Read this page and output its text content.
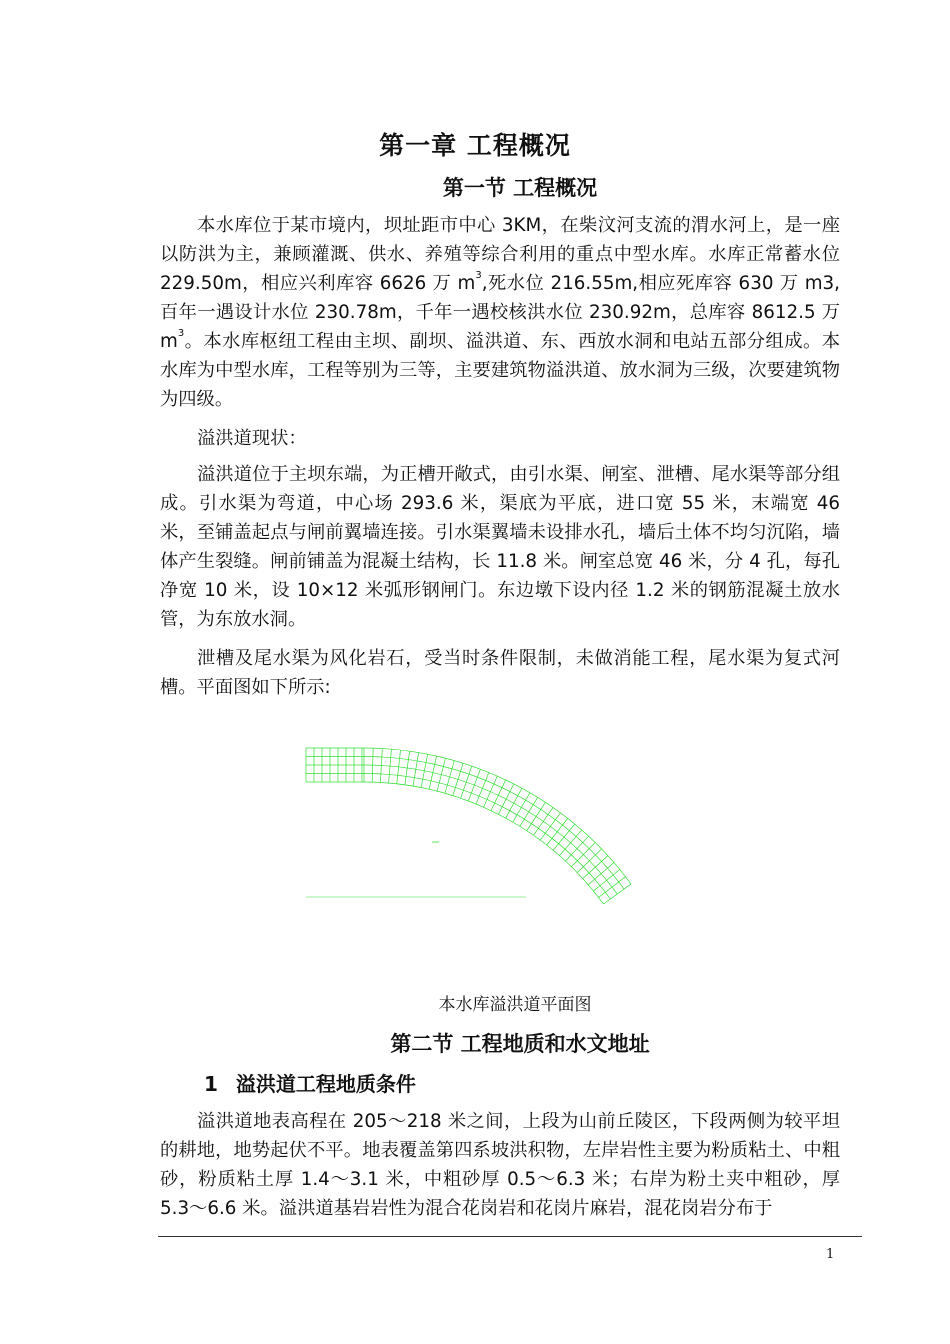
第一章 工程概况
第一节 工程概况

本水库位于某市境内，坝址距市中心 3KM，在柴汶河支流的渭水河上，是一座以防洪为主，兼顾灌溉、供水、养殖等综合利用的重点中型水库。水库正常蓄水位 229.50m，相应兴利库容 6626 万 $m^3$,死水位 216.55m,相应死库容 630 万 m3,百年一遇设计水位 230.78m，千年一遇校核洪水位 230.92m，总库容 8612.5 万 $m^3$。本水库枢纽工程由主坝、副坝、溢洪道、东、西放水洞和电站五部分组成。本水库为中型水库，工程等别为三等，主要建筑物溢洪道、放水洞为三级，次要建筑物为四级。

溢洪道现状：

溢洪道位于主坝东端，为正槽开敞式，由引水渠、闸室、泄槽、尾水渠等部分组成。引水渠为弯道，中心场 293.6 米，渠底为平底，进口宽 55 米，末端宽 46 米，至铺盖起点与闸前翼墙连接。引水渠翼墙未设排水孔，墙后土体不均匀沉陷，墙体产生裂缝。闸前铺盖为混凝土结构，长 11.8 米。闸室总宽 46 米，分 4 孔，每孔净宽 10 米，设 10×12 米弧形钢闸门。东边墩下设内径 1.2 米的钢筋混凝土放水管，为东放水洞。

泄槽及尾水渠为风化岩石，受当时条件限制，未做消能工程，尾水渠为复式河槽。平面图如下所示:

本水库溢洪道平面图
第二节 工程地质和水文地址
1 溢洪道工程地质条件

溢洪道地表高程在 205～218 米之间，上段为山前丘陵区，下段两侧为较平坦的耕地，地势起伏不平。地表覆盖第四系坡洪积物，左岸岩性主要为粉质粘土、中粗砂，粉质粘土厚 1.4～3.1 米，中粗砂厚 0.5～6.3 米；右岸为粉土夹中粗砂，厚 5.3～6.6 米。溢洪道基岩岩性为混合花岗岩和花岗片麻岩，混花岗岩分布于

1
